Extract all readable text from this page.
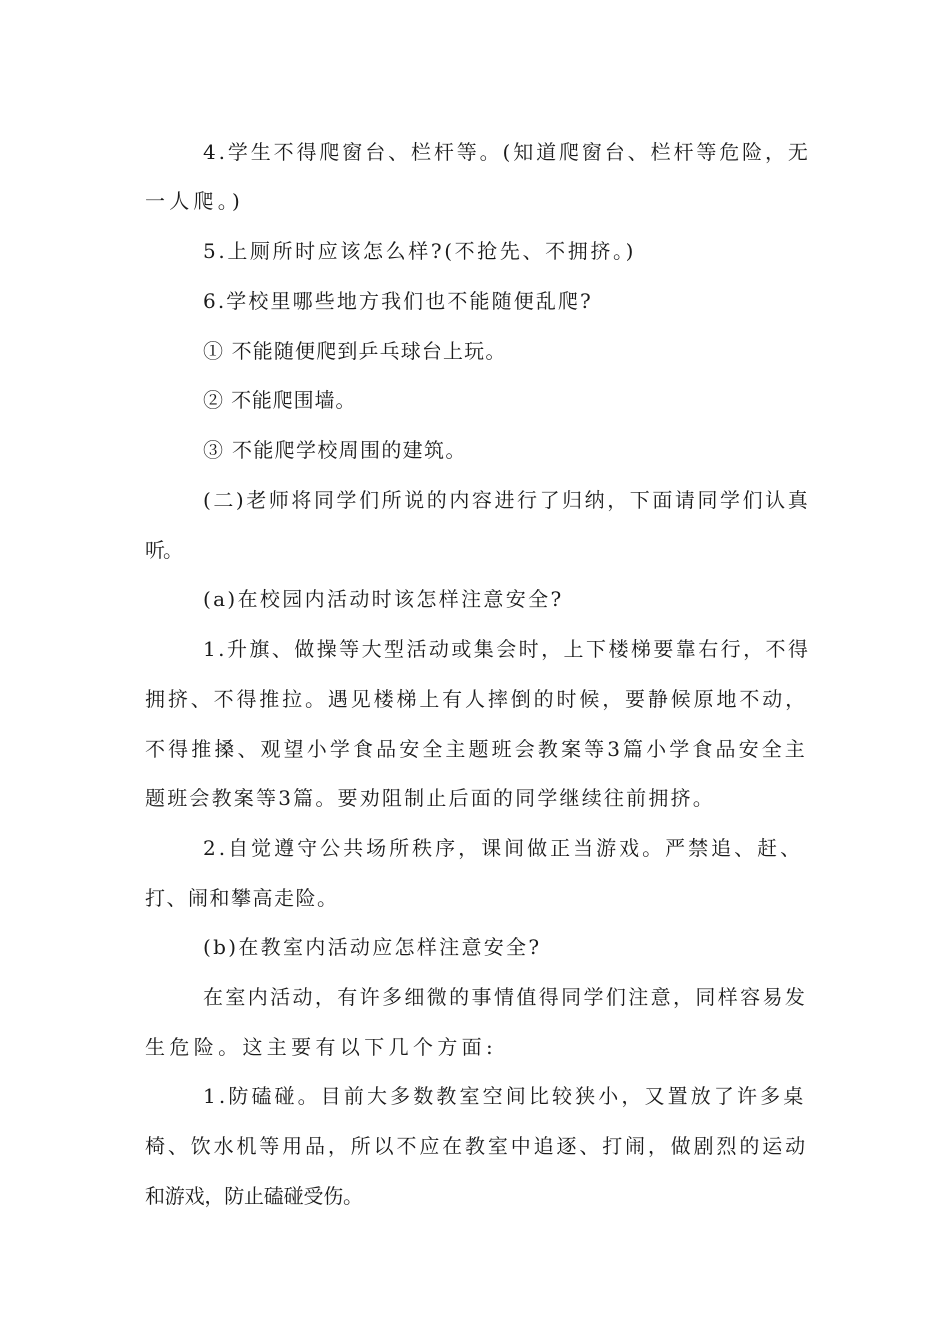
4.学生不得爬窗台、栏杆等。(知道爬窗台、栏杆等危险，无
一人爬。)
5.上厕所时应该怎么样?(不抢先、不拥挤。)
6.学校里哪些地方我们也不能随便乱爬?
① 不能随便爬到乒乓球台上玩。
② 不能爬围墙。
③ 不能爬学校周围的建筑。
(二)老师将同学们所说的内容进行了归纳，下面请同学们认真
听。
(a)在校园内活动时该怎样注意安全?
1.升旗、做操等大型活动或集会时，上下楼梯要靠右行，不得
拥挤、不得推拉。遇见楼梯上有人摔倒的时候，要静候原地不动，
不得推搡、观望小学食品安全主题班会教案等3篇小学食品安全主
题班会教案等3篇。要劝阻制止后面的同学继续往前拥挤。
2.自觉遵守公共场所秩序，课间做正当游戏。严禁追、赶、
打、闹和攀高走险。
(b)在教室内活动应怎样注意安全?
在室内活动，有许多细微的事情值得同学们注意，同样容易发
生危险。这主要有以下几个方面:
1.防磕碰。目前大多数教室空间比较狭小，又置放了许多桌
椅、饮水机等用品，所以不应在教室中追逐、打闹，做剧烈的运动
和游戏，防止磕碰受伤。
